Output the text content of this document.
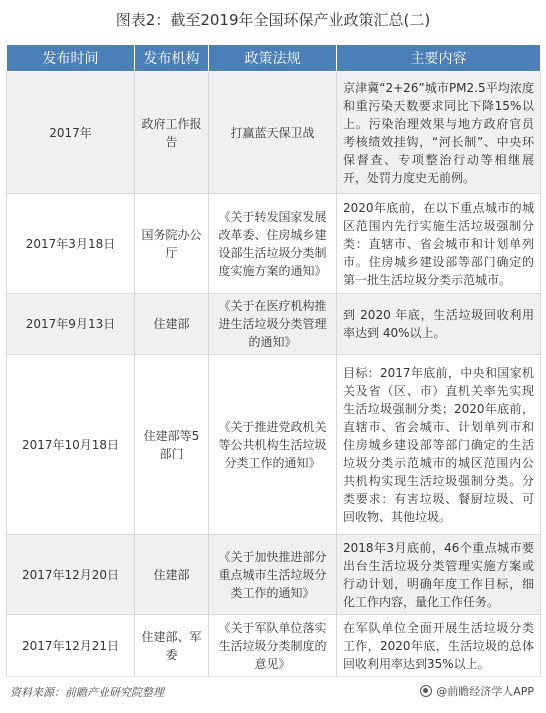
图表2：截至2019年全国环保产业政策汇总(二)
发布时间	发布机构	政策法规	主要内容
2017年	政府工作报告	打赢蓝天保卫战	京津冀“2+26”城市PM2.5平均浓度和重污染天数要求同比下降15%以上。污染治理效果与地方政府官员考核绩效挂钩，“河长制”、中央环保督查、专项整治行动等相继展开，处罚力度史无前例。
2017年3月18日	国务院办公厅	《关于转发国家发展改革委、住房城乡建设部生活垃圾分类制度实施方案的通知》	2020年底前，在以下重点城市的城区范围内先行实施生活垃圾强制分类：直辖市、省会城市和计划单列市。住房城乡建设部等部门确定的第一批生活垃圾分类示范城市。
2017年9月13日	住建部	《关于在医疗机构推进生活垃圾分类管理的通知》	到 2020 年底，生活垃圾回收利用率达到 40%以上。
2017年10月18日	住建部等5部门	《关于推进党政机关等公共机构生活垃圾分类工作的通知》	目标：2017年底前，中央和国家机关及省（区、市）直机关率先实现生活垃圾强制分类；2020年底前，直辖市、省会城市、计划单列市和住房城乡建设部等部门确定的生活垃圾分类示范城市的城区范围内公共机构实现生活垃圾强制分类。分类要求：有害垃圾、餐厨垃圾、可回收物、其他垃圾。
2017年12月20日	住建部	《关于加快推进部分重点城市生活垃圾分类工作的通知》	2018年3月底前，46个重点城市要出台生活垃圾分类管理实施方案或行动计划，明确年度工作目标，细化工作内容，量化工作任务。
2017年12月21日	住建部、军委	《关于军队单位落实生活垃圾分类制度的意见》	在军队单位全面开展生活垃圾分类工作，2020年底，生活垃圾的总体回收利用率达到35%以上。
资料来源：前瞻产业研究院整理	@前瞻经济学人APP
